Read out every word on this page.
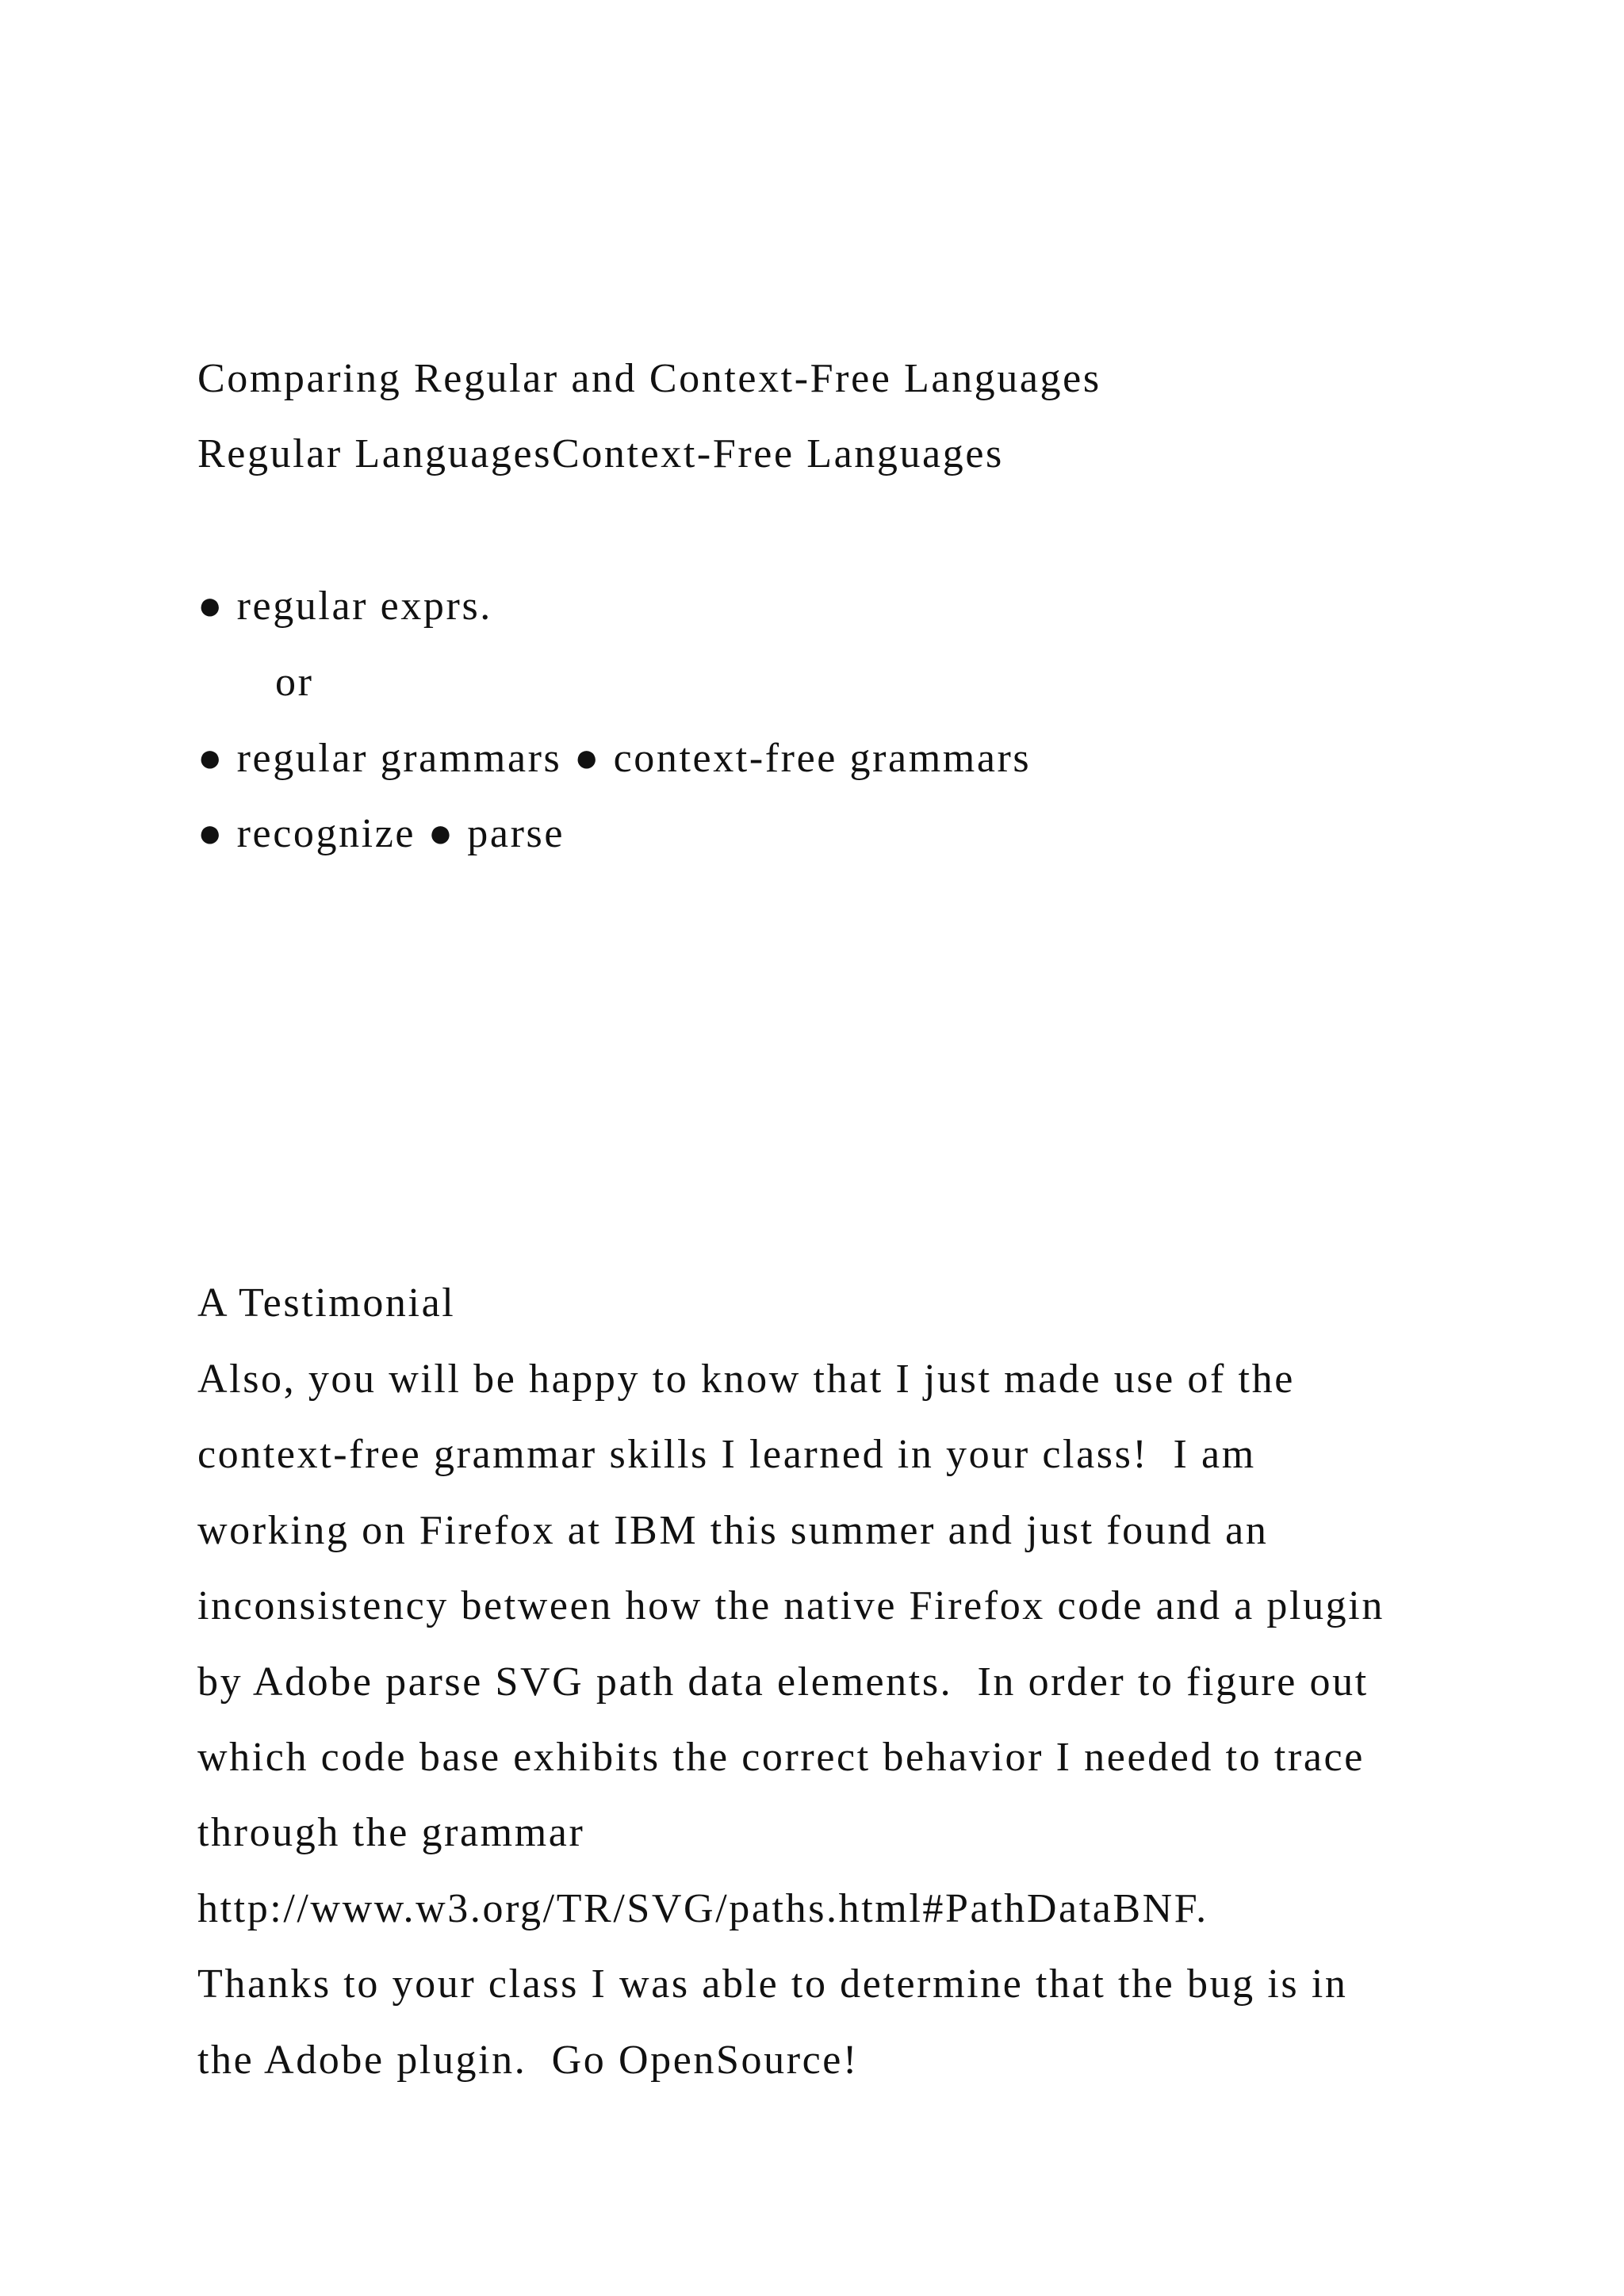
Comparing Regular and Context-Free Languages

Regular LanguagesContext-Free Languages

● regular exprs.

or

● regular grammars ● context-free grammars

● recognize ● parse

A Testimonial

Also, you will be happy to know that I just made use of the

context-free grammar skills I learned in your class!  I am

working on Firefox at IBM this summer and just found an

inconsistency between how the native Firefox code and a plugin

by Adobe parse SVG path data elements.  In order to figure out

which code base exhibits the correct behavior I needed to trace

through the grammar

http://www.w3.org/TR/SVG/paths.html#PathDataBNF.

Thanks to your class I was able to determine that the bug is in

the Adobe plugin.  Go OpenSource!
